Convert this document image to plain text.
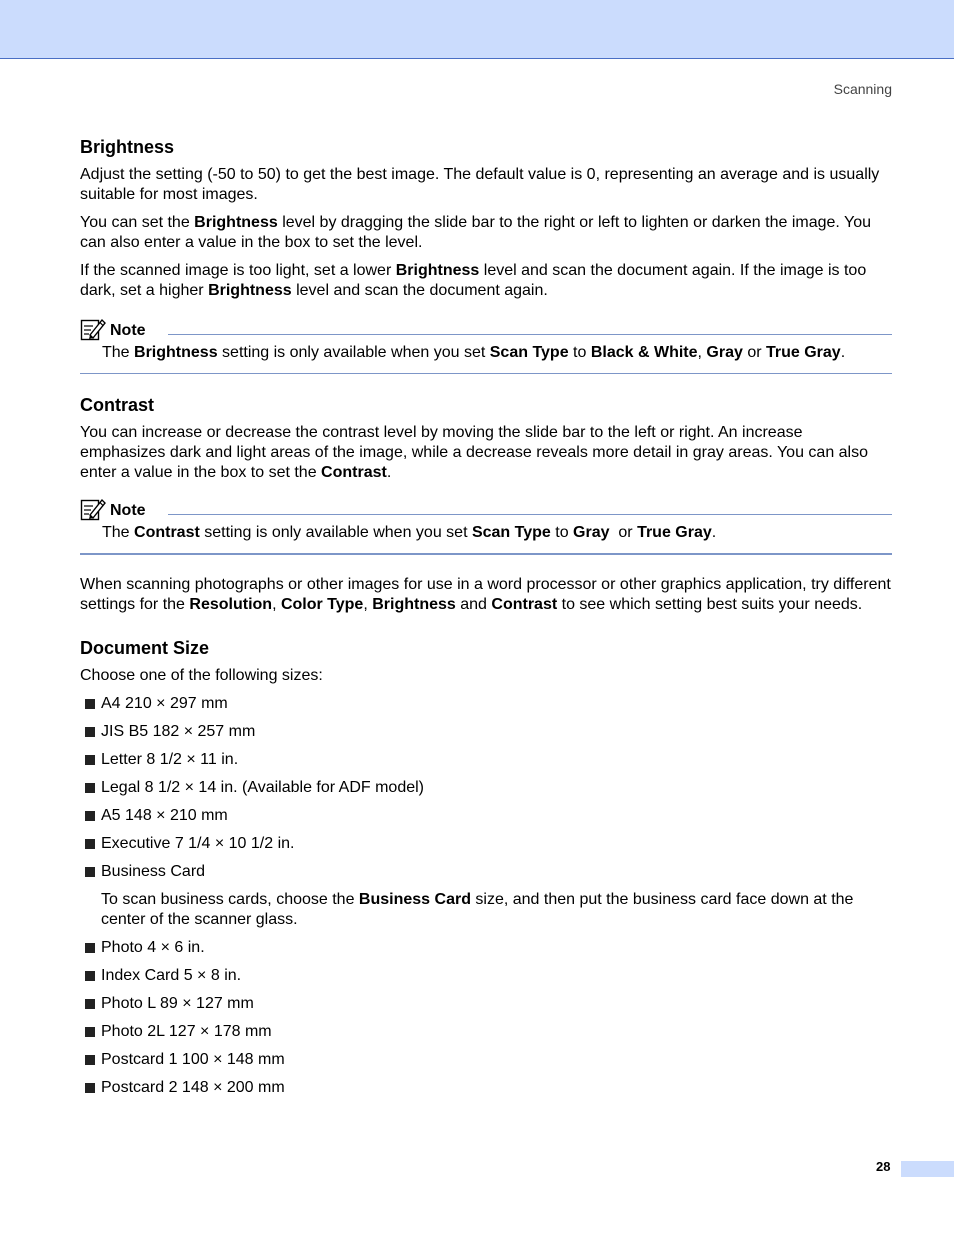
Scanning
Brightness

Adjust the setting (-50 to 50) to get the best image. The default value is 0, representing an average and is usually suitable for most images.

You can set the Brightness level by dragging the slide bar to the right or left to lighten or darken the image. You can also enter a value in the box to set the level.

If the scanned image is too light, set a lower Brightness level and scan the document again. If the image is too dark, set a higher Brightness level and scan the document again.

Note

The Brightness setting is only available when you set Scan Type to Black & White, Gray or True Gray.

Contrast

You can increase or decrease the contrast level by moving the slide bar to the left or right. An increase emphasizes dark and light areas of the image, while a decrease reveals more detail in gray areas. You can also enter a value in the box to set the Contrast.

Note

The Contrast setting is only available when you set Scan Type to Gray  or True Gray.

When scanning photographs or other images for use in a word processor or other graphics application, try different settings for the Resolution, Color Type, Brightness and Contrast to see which setting best suits your needs.

Document Size

Choose one of the following sizes:

A4 210 × 297 mm
JIS B5 182 × 257 mm
Letter 8 1/2 × 11 in.
Legal 8 1/2 × 14 in. (Available for ADF model)
A5 148 × 210 mm
Executive 7 1/4 × 10 1/2 in.
Business Card

To scan business cards, choose the Business Card size, and then put the business card face down at the center of the scanner glass.

Photo 4 × 6 in.
Index Card 5 × 8 in.
Photo L 89 × 127 mm
Photo 2L 127 × 178 mm
Postcard 1 100 × 148 mm
Postcard 2 148 × 200 mm
28
